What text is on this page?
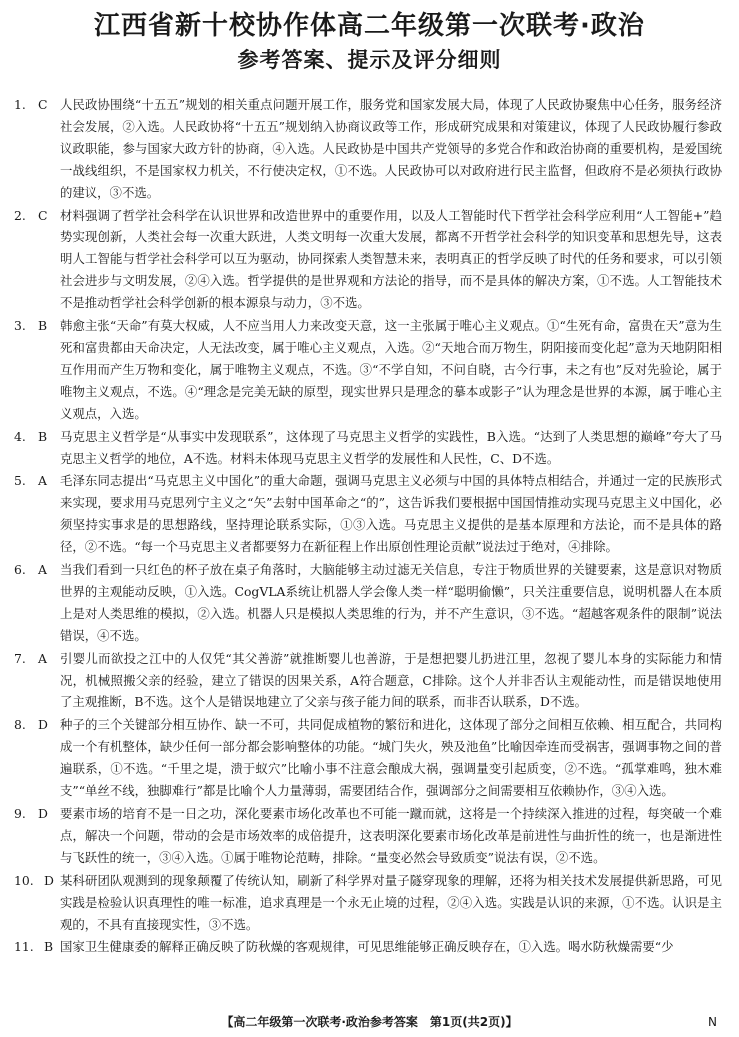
江西省新十校协作体高二年级第一次联考·政治
参考答案、提示及评分细则
1. C	人民政协围绕“十五五”规划的相关重点问题开展工作，服务党和国家发展大局，体现了人民政协聚焦中心任务，服务经济社会发展，②入选。人民政协将“十五五”规划纳入协商议政等工作，形成研究成果和对策建议，体现了人民政协履行参政议政职能，参与国家大政方针的协商，④入选。人民政协是中国共产党领导的多党合作和政治协商的重要机构，是爱国统一战线组织，不是国家权力机关，不行使决定权，①不选。人民政协可以对政府进行民主监督，但政府不是必须执行政协的建议，③不选。
2. C	材料强调了哲学社会科学在认识世界和改造世界中的重要作用，以及人工智能时代下哲学社会科学应利用“人工智能+”趋势实现创新，人类社会每一次重大跃进，人类文明每一次重大发展，都离不开哲学社会科学的知识变革和思想先导，这表明人工智能与哲学社会科学可以互为驱动，协同探索人类智慧未来，表明真正的哲学反映了时代的任务和要求，可以引领社会进步与文明发展，②④入选。哲学提供的是世界观和方法论的指导，而不是具体的解决方案，①不选。人工智能技术不是推动哲学社会科学创新的根本源泉与动力，③不选。
3. B	韩愈主张“天命”有莫大权威，人不应当用人力来改变天意，这一主张属于唯心主义观点。①“生死有命，富贵在天”意为生死和富贵都由天命决定，人无法改变，属于唯心主义观点，入选。②“天地合而万物生，阴阳接而变化起”意为天地阴阳相互作用而产生万物和变化，属于唯物主义观点，不选。③“不学自知，不问自晓，古今行事，未之有也”反对先验论，属于唯物主义观点，不选。④“理念是完美无缺的原型，现实世界只是理念的摹本或影子”认为理念是世界的本源，属于唯心主义观点，入选。
4. B	马克思主义哲学是“从事实中发现联系”，这体现了马克思主义哲学的实践性，B入选。“达到了人类思想的巅峰”夸大了马克思主义哲学的地位，A不选。材料未体现马克思主义哲学的发展性和人民性，C、D不选。
5. A	毛泽东同志提出“马克思主义中国化”的重大命题，强调马克思主义必须与中国的具体特点相结合，并通过一定的民族形式来实现，要求用马克思列宁主义之“矢”去射中国革命之“的”，这告诉我们要根据中国国情推动实现马克思主义中国化，必须坚持实事求是的思想路线，坚持理论联系实际，①③入选。马克思主义提供的是基本原理和方法论，而不是具体的路径，②不选。“每一个马克思主义者都要努力在新征程上作出原创性理论贡献”说法过于绝对，④排除。
6. A	当我们看到一只红色的杯子放在桌子角落时，大脑能够主动过滤无关信息，专注于物质世界的关键要素，这是意识对物质世界的主观能动反映，①入选。CogVLA系统让机器人学会像人类一样“聪明偷懒”，只关注重要信息，说明机器人在本质上是对人类思维的模拟，②入选。机器人只是模拟人类思维的行为，并不产生意识，③不选。“超越客观条件的限制”说法错误，④不选。
7. A	引婴儿而欲投之江中的人仅凭“其父善游”就推断婴儿也善游，于是想把婴儿扔进江里，忽视了婴儿本身的实际能力和情况，机械照搬父亲的经验，建立了错误的因果关系，A符合题意，C排除。这个人并非否认主观能动性，而是错误地使用了主观推断，B不选。这个人是错误地建立了父亲与孩子能力间的联系，而非否认联系，D不选。
8. D 种子的三个关键部分相互协作、缺一不可，共同促成植物的繁衍和进化，这体现了部分之间相互依赖、相互配合，共同构成一个有机整体，缺少任何一部分都会影响整体的功能。“城门失火，殃及池鱼”比喻因牵连而受祸害，强调事物之间的普遍联系，①不选。“千里之堤，溃于蚁穴”比喻小事不注意会酿成大祸，强调量变引起质变，②不选。“孤掌难鸣，独木难支”“单丝不线，独脚难行”都是比喻个人力量薄弱，需要团结合作，强调部分之间需要相互依赖协作，③④入选。
9. D 要素市场的培育不是一日之功，深化要素市场化改革也不可能一蹴而就，这将是一个持续深入推进的过程，每突破一个难点，解决一个问题，带动的会是市场效率的成倍提升，这表明深化要素市场化改革是前进性与曲折性的统一，也是渐进性与飞跃性的统一，③④入选。①属于唯物论范畴，排除。“量变必然会导致质变”说法有误，②不选。
10. D 某科研团队观测到的现象颠覆了传统认知，刷新了科学界对量子隧穿现象的理解，还将为相关技术发展提供新思路，可见实践是检验认识真理性的唯一标准，追求真理是一个永无止境的过程，②④入选。实践是认识的来源，①不选。认识是主观的，不具有直接现实性，③不选。
11. B 国家卫生健康委的解释正确反映了防秋燥的客观规律，可见思维能够正确反映存在，①入选。喝水防秋燥需要“少
【高二年级第一次联考·政治参考答案　第1页(共2页)】	N
